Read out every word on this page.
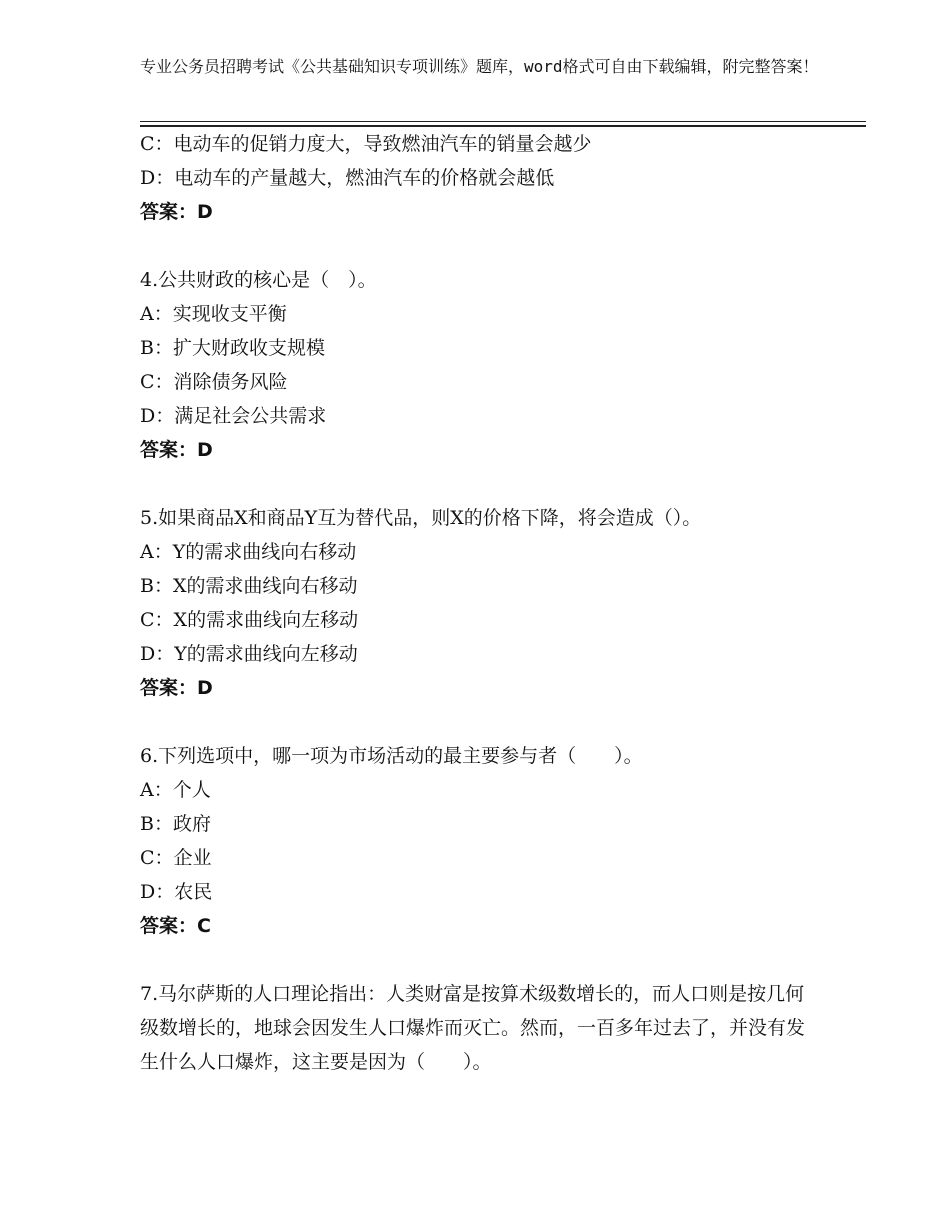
专业公务员招聘考试《公共基础知识专项训练》题库，word格式可自由下载编辑，附完整答案！
C：电动车的促销力度大，导致燃油汽车的销量会越少
D：电动车的产量越大，燃油汽车的价格就会越低
答案：D
4.公共财政的核心是（　）。
A：实现收支平衡
B：扩大财政收支规模
C：消除债务风险
D：满足社会公共需求
答案：D
5.如果商品X和商品Y互为替代品，则X的价格下降，将会造成（）。
A：Y的需求曲线向右移动
B：X的需求曲线向右移动
C：X的需求曲线向左移动
D：Y的需求曲线向左移动
答案：D
6.下列选项中，哪一项为市场活动的最主要参与者（　　）。
A：个人
B：政府
C：企业
D：农民
答案：C
7.马尔萨斯的人口理论指出：人类财富是按算术级数增长的，而人口则是按几何级数增长的，地球会因发生人口爆炸而灭亡。然而，一百多年过去了，并没有发生什么人口爆炸，这主要是因为（　　）。
